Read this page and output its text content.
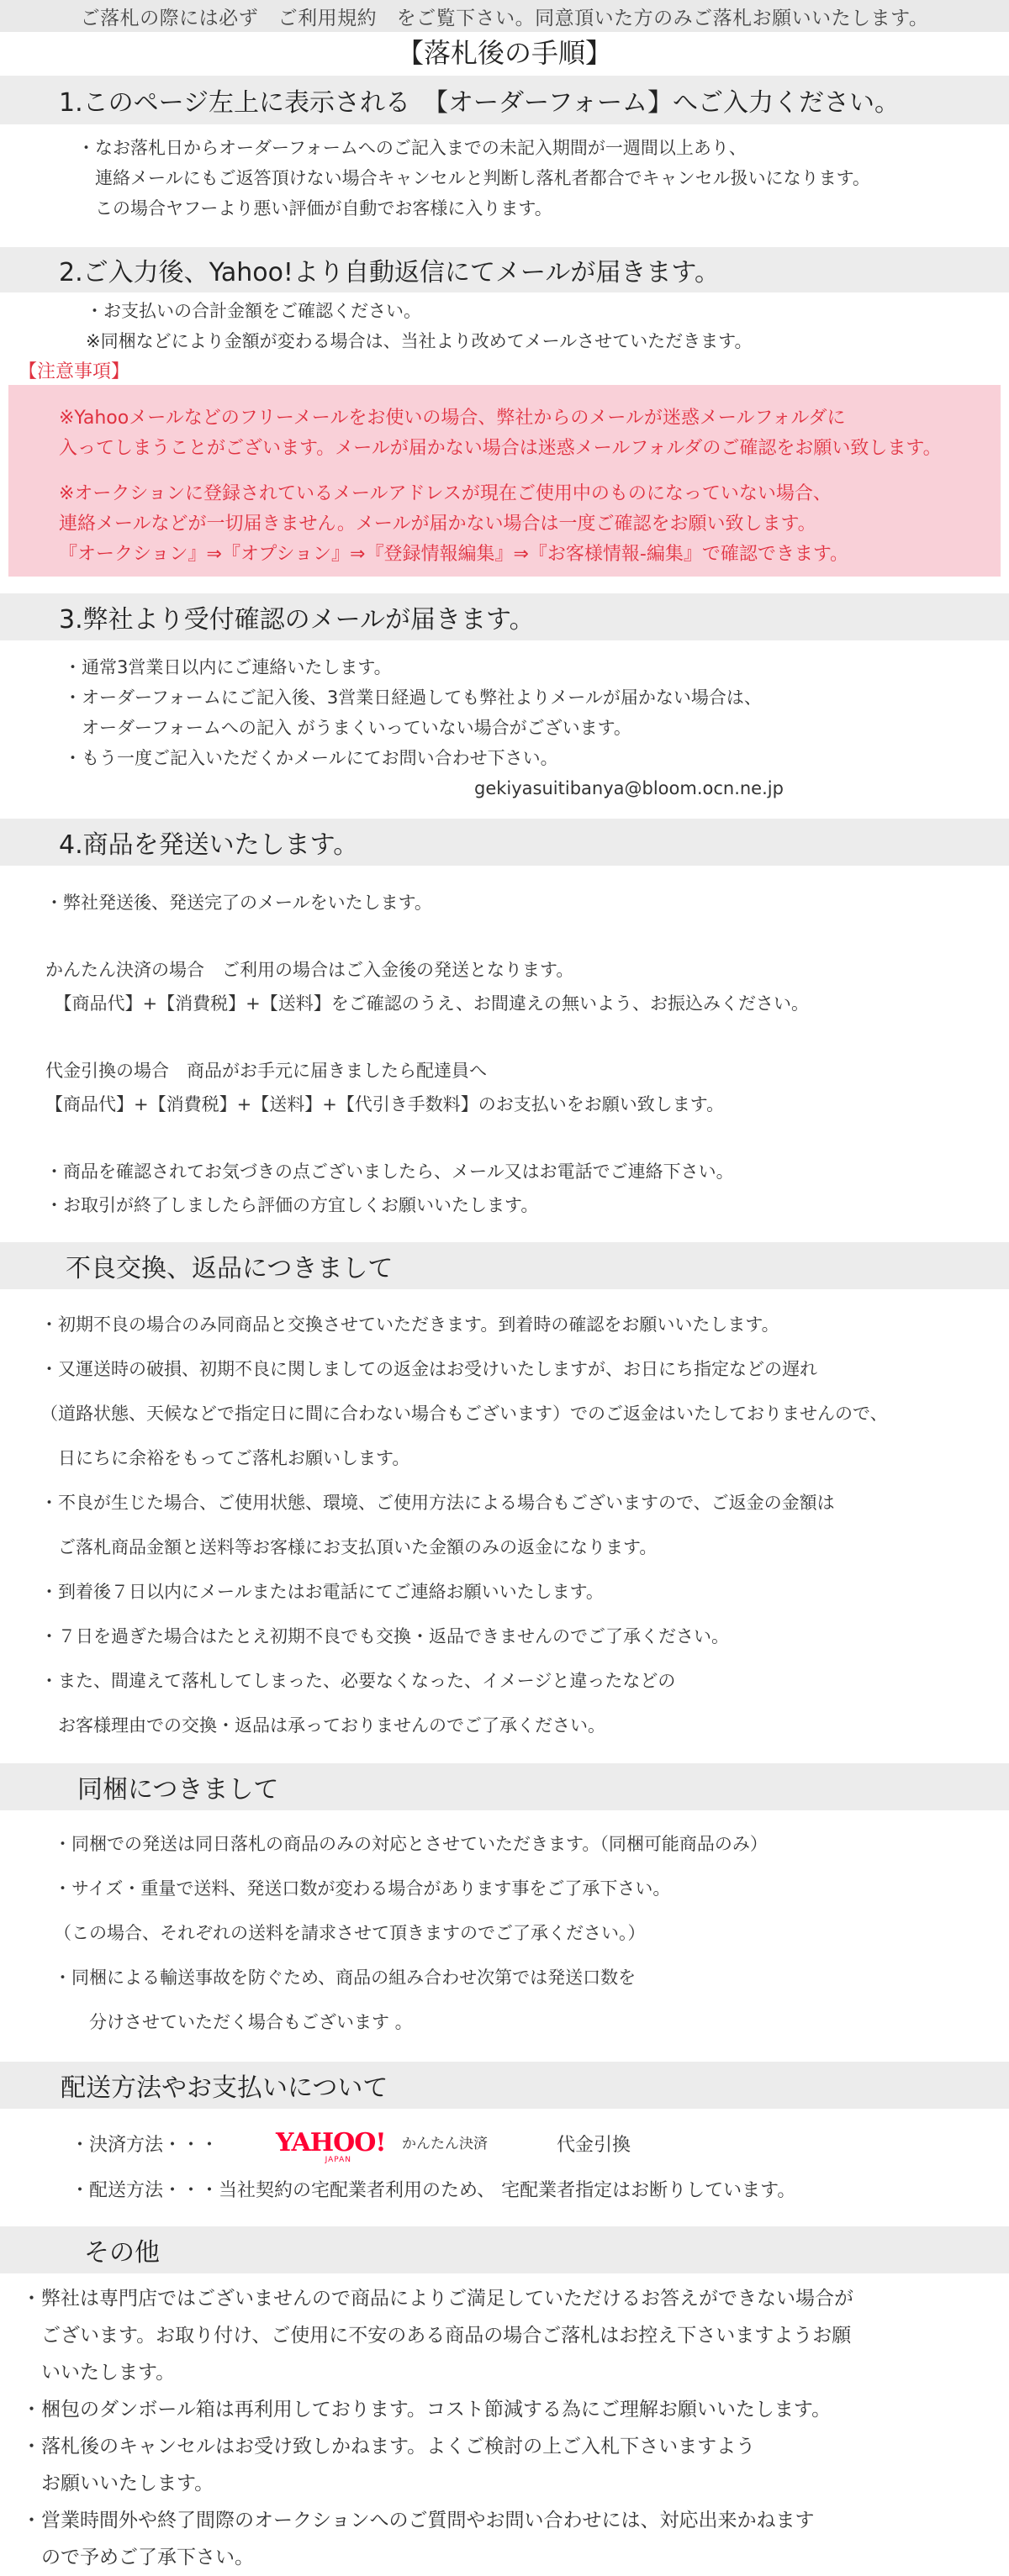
ご落札の際には必ず　ご利用規約　をご覧下さい。同意頂いた方のみご落札お願いいたします。
【落札後の手順】
1.このページ左上に表示される　【オーダーフォーム】へご入力ください。
・なお落札日からオーダーフォームへのご記入までの未記入期間が一週間以上あり、
　連絡メールにもご返答頂けない場合キャンセルと判断し落札者都合でキャンセル扱いになります。
　この場合ヤフーより悪い評価が自動でお客様に入ります。
2.ご入力後、Yahoo!より自動返信にてメールが届きます。
・お支払いの合計金額をご確認ください。
※同梱などにより金額が変わる場合は、当社より改めてメールさせていただきます。
【注意事項】
※Yahooメールなどのフリーメールをお使いの場合、弊社からのメールが迷惑メールフォルダに
入ってしまうことがございます。メールが届かない場合は迷惑メールフォルダのご確認をお願い致します。
※オークションに登録されているメールアドレスが現在ご使用中のものになっていない場合、
連絡メールなどが一切届きません。メールが届かない場合は一度ご確認をお願い致します。
『オークション』⇒『オプション』⇒『登録情報編集』⇒『お客様情報-編集』で確認できます。
3.弊社より受付確認のメールが届きます。
・通常3営業日以内にご連絡いたします。
・オーダーフォームにご記入後、3営業日経過しても弊社よりメールが届かない場合は、
　オーダーフォームへの記入 がうまくいっていない場合がございます。
・もう一度ご記入いただくかメールにてお問い合わせ下さい。
gekiyasuitibanya@bloom.ocn.ne.jp
4.商品を発送いたします。
・弊社発送後、発送完了のメールをいたします。
かんたん決済の場合　ご利用の場合はご入金後の発送となります。
　【商品代】+【消費税】+【送料】をご確認のうえ、お間違えの無いよう、お振込みください。
代金引換の場合　商品がお手元に届きましたら配達員へ
【商品代】+【消費税】+【送料】+【代引き手数料】のお支払いをお願い致します。
・商品を確認されてお気づきの点ございましたら、メール又はお電話でご連絡下さい。
・お取引が終了しましたら評価の方宜しくお願いいたします。
不良交換、返品につきまして
・初期不良の場合のみ同商品と交換させていただきます。到着時の確認をお願いいたします。
・又運送時の破損、初期不良に関しましての返金はお受けいたしますが、お日にち指定などの遅れ
（道路状態、天候などで指定日に間に合わない場合もございます）でのご返金はいたしておりませんので、
　日にちに余裕をもってご落札お願いします。
・不良が生じた場合、ご使用状態、環境、ご使用方法による場合もございますので、ご返金の金額は
　ご落札商品金額と送料等お客様にお支払頂いた金額のみの返金になります。
・到着後７日以内にメールまたはお電話にてご連絡お願いいたします。
・７日を過ぎた場合はたとえ初期不良でも交換・返品できませんのでご了承ください。
・また、間違えて落札してしまった、必要なくなった、イメージと違ったなどの
　お客様理由での交換・返品は承っておりませんのでご了承ください。
同梱につきまして
・同梱での発送は同日落札の商品のみの対応とさせていただきます。（同梱可能商品のみ）
・サイズ・重量で送料、発送口数が変わる場合があります事をご了承下さい。
（この場合、それぞれの送料を請求させて頂きますのでご了承ください。）
・同梱による輸送事故を防ぐため、商品の組み合わせ次第では発送口数を
　　分けさせていただく場合もございます 。
配送方法やお支払いについて
・決済方法・・・ YAHOO!
JAPAN
かんたん決済	代金引換
・配送方法・・・当社契約の宅配業者利用のため、 宅配業者指定はお断りしています。
その他
・弊社は専門店ではございませんので商品によりご満足していただけるお答えができない場合が
　ございます。お取り付け、ご使用に不安のある商品の場合ご落札はお控え下さいますようお願
　いいたします。
・梱包のダンボール箱は再利用しております。コスト節減する為にご理解お願いいたします。
・落札後のキャンセルはお受け致しかねます。よくご検討の上ご入札下さいますよう
　お願いいたします。
・営業時間外や終了間際のオークションへのご質問やお問い合わせには、対応出来かねます
　ので予めご了承下さい。
